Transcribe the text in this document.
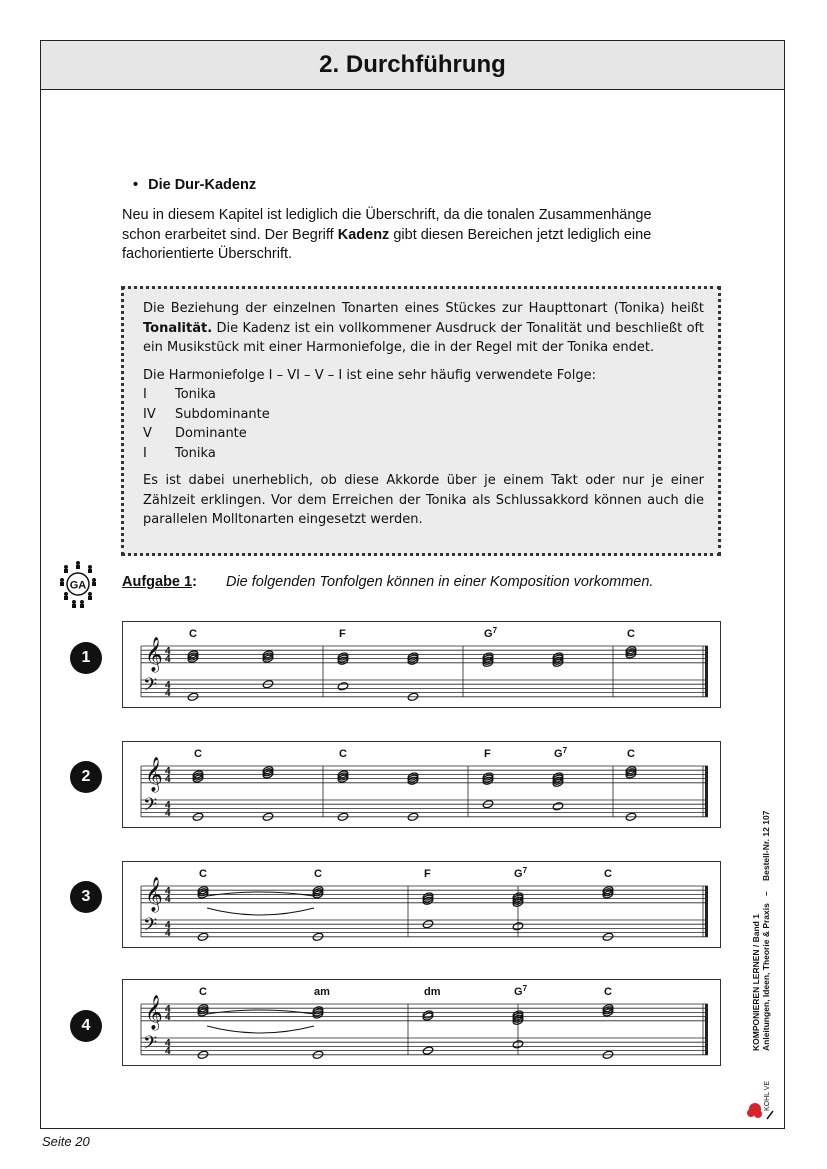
2. Durchführung
• Die Dur-Kadenz
Neu in diesem Kapitel ist lediglich die Überschrift, da die tonalen Zusammenhänge
schon erarbeitet sind. Der Begriff Kadenz gibt diesen Bereichen jetzt lediglich eine
fachorientierte Überschrift.

Die Beziehung der einzelnen Tonarten eines Stückes zur Haupttonart (Tonika) heißt Tonalität. Die Kadenz ist ein vollkommener Ausdruck der Tonalität und beschließt oft ein Musikstück mit einer Harmoniefolge, die in der Regel mit der Tonika endet.

Die Harmoniefolge I – VI – V – I ist eine sehr häufig verwendete Folge:
I	Tonika
IV	Subdominante
V	Dominante
I	Tonika

Es ist dabei unerheblich, ob diese Akkorde über je einem Takt oder nur je einer Zählzeit erklingen. Vor dem Erreichen der Tonika als Schlussakkord können auch die parallelen Molltonarten eingesetzt werden.

GA Aufgabe 1: Die folgenden Tonfolgen können in einer Komposition vorkommen.
1	𝄞
𝄢
4
4
4
4
C	F	$G^7$	C
2	𝄞
𝄢
4
4
4
4
C	C	F	$G^7$	C
3	𝄞
𝄢
4
4
4
4
C	C	F	$G^7$	C
4	𝄞
𝄢
4
4
4
4
C	am	dm	$G^7$	C	KOMPONIEREN LERNEN / Band 1 Anleitungen, Ideen, Theorie & Praxis
–
Bestell-Nr. 12 107
KOHL VERLAG
Seite 20
